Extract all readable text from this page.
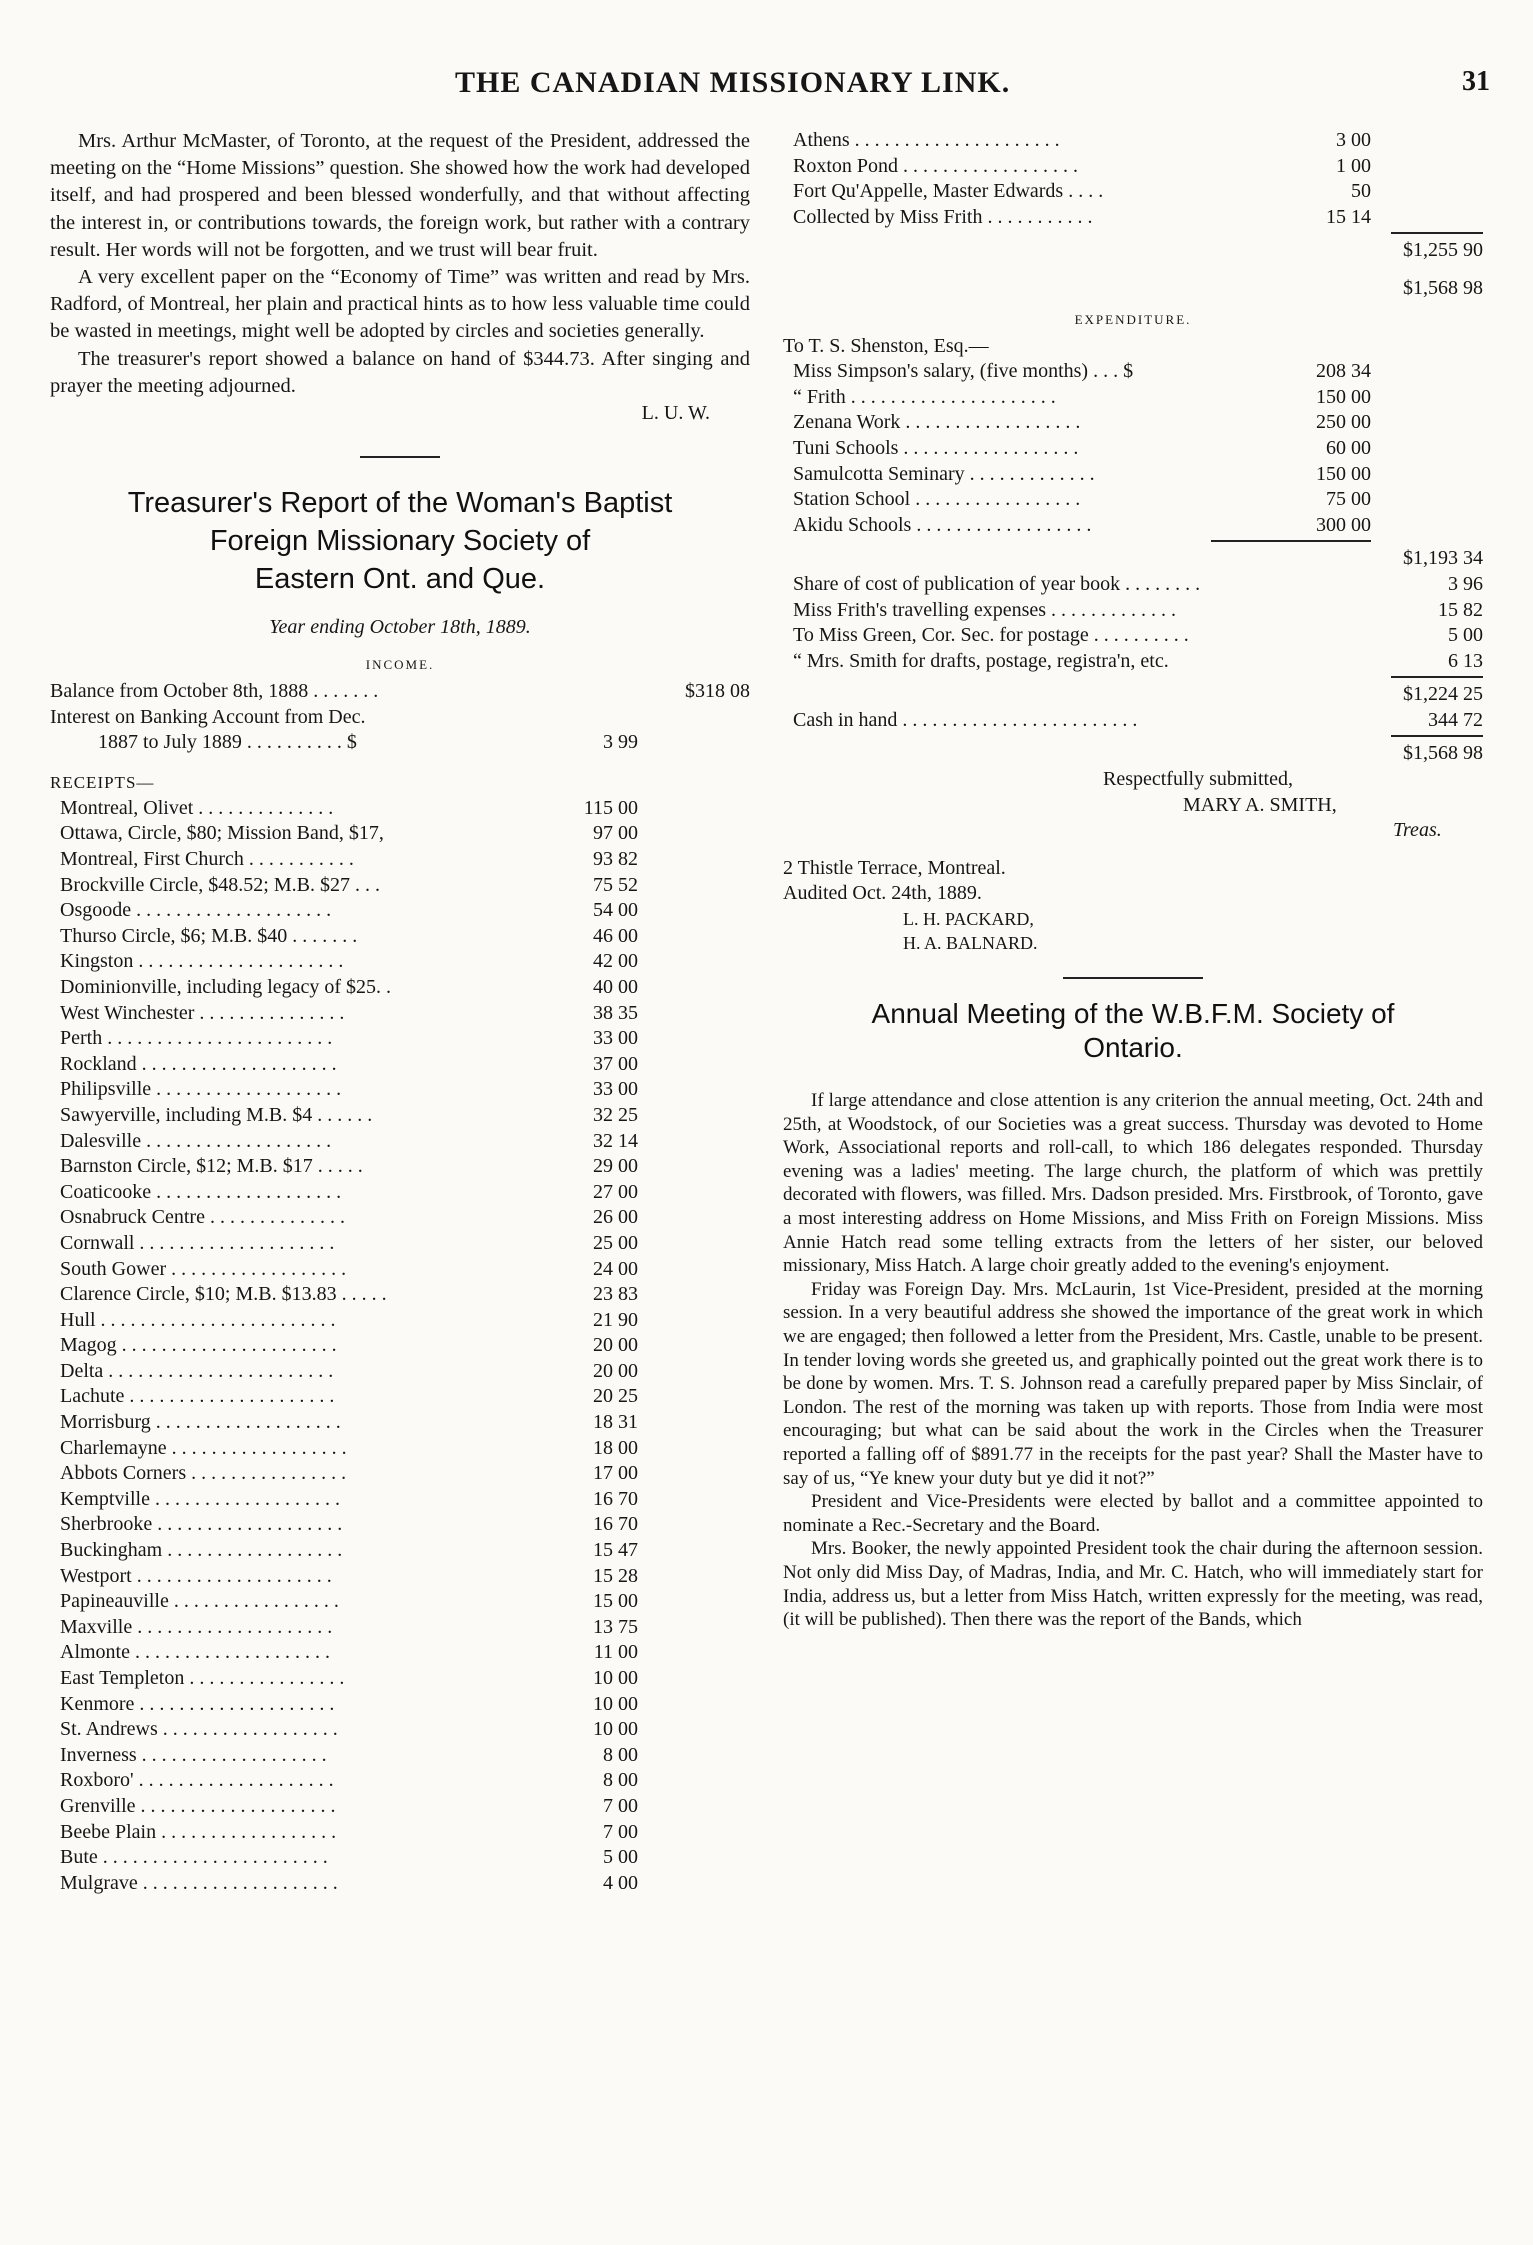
THE CANADIAN MISSIONARY LINK.	31

Mrs. Arthur McMaster, of Toronto, at the request of the President, addressed the meeting on the “Home Missions” question. She showed how the work had developed itself, and had prospered and been blessed wonderfully, and that without affecting the interest in, or contributions towards, the foreign work, but rather with a contrary result. Her words will not be forgotten, and we trust will bear fruit.

A very excellent paper on the “Economy of Time” was written and read by Mrs. Radford, of Montreal, her plain and practical hints as to how less valuable time could be wasted in meetings, might well be adopted by circles and societies generally.

The treasurer's report showed a balance on hand of $344.73. After singing and prayer the meeting adjourned.

L. U. W.
Treasurer's Report of the Woman's Baptist
Foreign Missionary Society of
Eastern Ont. and Que.
Year ending October 18th, 1889.
INCOME.
Balance from October 8th, 1888 . . . . . . .	$318 08
Interest on Banking Account from Dec.
1887 to July 1889 . . . . . . . . . . $	3 99
RECEIPTS—
Montreal, Olivet . . . . . . . . . . . . . .	115 00
Ottawa, Circle, $80; Mission Band, $17,	97 00
Montreal, First Church . . . . . . . . . . .	93 82
Brockville Circle, $48.52; M.B. $27 . . .	75 52
Osgoode . . . . . . . . . . . . . . . . . . . .	54 00
Thurso Circle, $6; M.B. $40 . . . . . . .	46 00
Kingston . . . . . . . . . . . . . . . . . . . . .	42 00
Dominionville, including legacy of $25. .	40 00
West Winchester . . . . . . . . . . . . . . .	38 35
Perth . . . . . . . . . . . . . . . . . . . . . . .	33 00
Rockland . . . . . . . . . . . . . . . . . . . .	37 00
Philipsville . . . . . . . . . . . . . . . . . . .	33 00
Sawyerville, including M.B. $4 . . . . . .	32 25
Dalesville . . . . . . . . . . . . . . . . . . .	32 14
Barnston Circle, $12; M.B. $17 . . . . .	29 00
Coaticooke . . . . . . . . . . . . . . . . . . .	27 00
Osnabruck Centre . . . . . . . . . . . . . .	26 00
Cornwall . . . . . . . . . . . . . . . . . . . .	25 00
South Gower . . . . . . . . . . . . . . . . . .	24 00
Clarence Circle, $10; M.B. $13.83 . . . . .	23 83
Hull . . . . . . . . . . . . . . . . . . . . . . . .	21 90
Magog . . . . . . . . . . . . . . . . . . . . . .	20 00
Delta . . . . . . . . . . . . . . . . . . . . . . .	20 00
Lachute . . . . . . . . . . . . . . . . . . . . .	20 25
Morrisburg . . . . . . . . . . . . . . . . . . .	18 31
Charlemayne . . . . . . . . . . . . . . . . . .	18 00
Abbots Corners . . . . . . . . . . . . . . . .	17 00
Kemptville . . . . . . . . . . . . . . . . . . .	16 70
Sherbrooke . . . . . . . . . . . . . . . . . . .	16 70
Buckingham . . . . . . . . . . . . . . . . . .	15 47
Westport . . . . . . . . . . . . . . . . . . . .	15 28
Papineauville . . . . . . . . . . . . . . . . .	15 00
Maxville . . . . . . . . . . . . . . . . . . . .	13 75
Almonte . . . . . . . . . . . . . . . . . . . .	11 00
East Templeton . . . . . . . . . . . . . . . .	10 00
Kenmore . . . . . . . . . . . . . . . . . . . .	10 00
St. Andrews . . . . . . . . . . . . . . . . . .	10 00
Inverness . . . . . . . . . . . . . . . . . . .	8 00
Roxboro' . . . . . . . . . . . . . . . . . . . .	8 00
Grenville . . . . . . . . . . . . . . . . . . . .	7 00
Beebe Plain . . . . . . . . . . . . . . . . . .	7 00
Bute . . . . . . . . . . . . . . . . . . . . . . .	5 00
Mulgrave . . . . . . . . . . . . . . . . . . . .	4 00
Athens . . . . . . . . . . . . . . . . . . . . .	3 00
Roxton Pond . . . . . . . . . . . . . . . . . .	1 00
Fort Qu'Appelle, Master Edwards . . . .	50
Collected by Miss Frith . . . . . . . . . . .	15 14
$1,255 90
$1,568 98
EXPENDITURE.
To T. S. Shenston, Esq.—
Miss Simpson's salary, (five months) . . . $	208 34
“ Frith . . . . . . . . . . . . . . . . . . . . .	150 00
Zenana Work . . . . . . . . . . . . . . . . . .	250 00
Tuni Schools . . . . . . . . . . . . . . . . . .	60 00
Samulcotta Seminary . . . . . . . . . . . . .	150 00
Station School . . . . . . . . . . . . . . . . .	75 00
Akidu Schools . . . . . . . . . . . . . . . . . .	300 00
$1,193 34
Share of cost of publication of year book . . . . . . . .	3 96
Miss Frith's travelling expenses . . . . . . . . . . . . .	15 82
To Miss Green, Cor. Sec. for postage . . . . . . . . . .	5 00
“ Mrs. Smith for drafts, postage, registra'n, etc.	6 13
$1,224 25
Cash in hand . . . . . . . . . . . . . . . . . . . . . . . .	344 72
$1,568 98
Respectfully submitted,
MARY A. SMITH,
Treas.
2 Thistle Terrace, Montreal.
Audited Oct. 24th, 1889.
L. H. PACKARD,
H. A. BALNARD.
Annual Meeting of the W.B.F.M. Society of
Ontario.

If large attendance and close attention is any criterion the annual meeting, Oct. 24th and 25th, at Woodstock, of our Societies was a great success. Thursday was devoted to Home Work, Associational reports and roll-call, to which 186 delegates responded. Thursday evening was a ladies' meeting. The large church, the platform of which was prettily decorated with flowers, was filled. Mrs. Dadson presided. Mrs. Firstbrook, of Toronto, gave a most interesting address on Home Missions, and Miss Frith on Foreign Missions. Miss Annie Hatch read some telling extracts from the letters of her sister, our beloved missionary, Miss Hatch. A large choir greatly added to the evening's enjoyment.

Friday was Foreign Day. Mrs. McLaurin, 1st Vice-President, presided at the morning session. In a very beautiful address she showed the importance of the great work in which we are engaged; then followed a letter from the President, Mrs. Castle, unable to be present. In tender loving words she greeted us, and graphically pointed out the great work there is to be done by women. Mrs. T. S. Johnson read a carefully prepared paper by Miss Sinclair, of London. The rest of the morning was taken up with reports. Those from India were most encouraging; but what can be said about the work in the Circles when the Treasurer reported a falling off of $891.77 in the receipts for the past year? Shall the Master have to say of us, “Ye knew your duty but ye did it not?”

President and Vice-Presidents were elected by ballot and a committee appointed to nominate a Rec.-Secretary and the Board.

Mrs. Booker, the newly appointed President took the chair during the afternoon session. Not only did Miss Day, of Madras, India, and Mr. C. Hatch, who will immediately start for India, address us, but a letter from Miss Hatch, written expressly for the meeting, was read, (it will be published). Then there was the report of the Bands, which
